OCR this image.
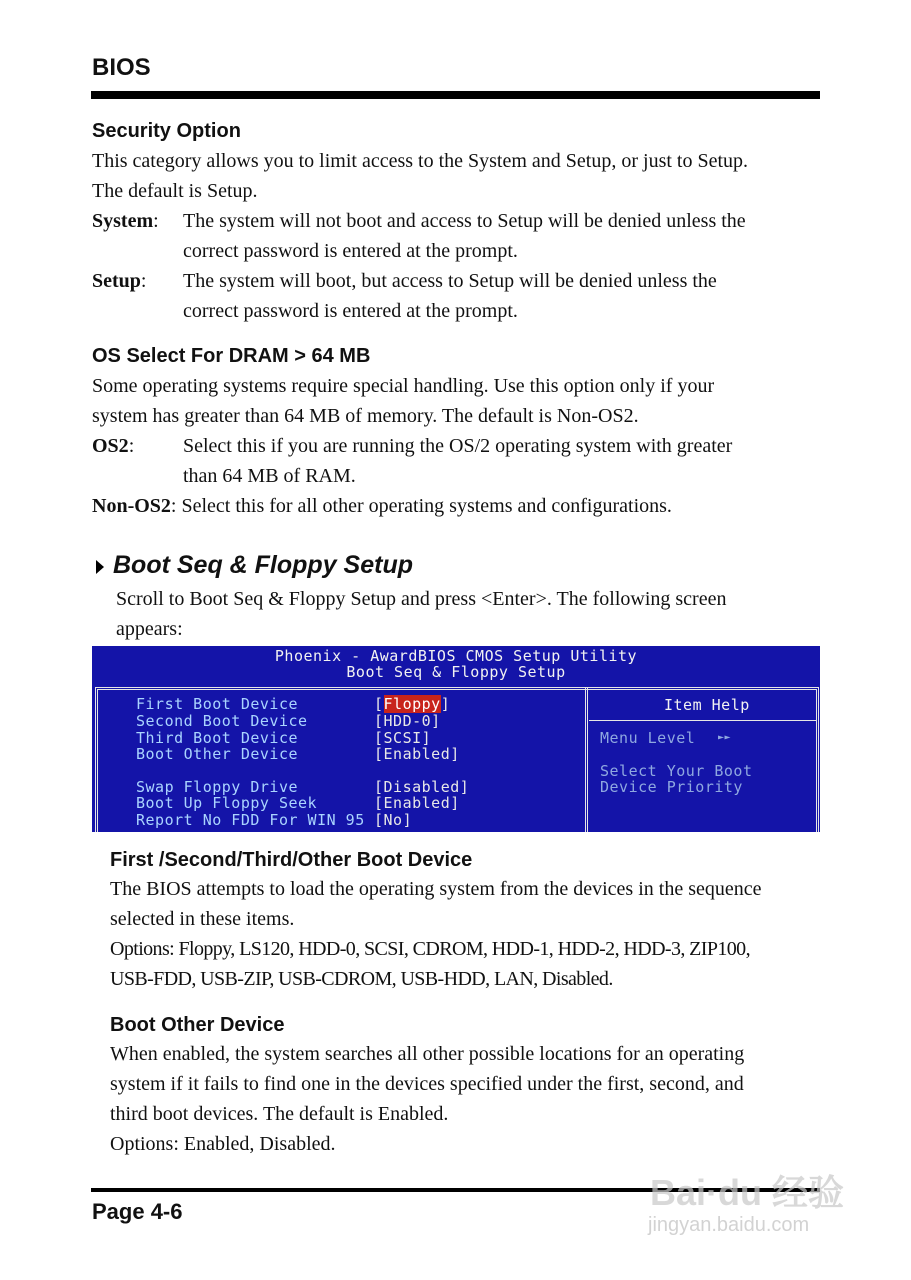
BIOS
Security Option
This category allows you to limit access to the System and Setup, or just to Setup.
The default is Setup.
System: The system will not boot and access to Setup will be denied unless the
correct password is entered at the prompt.
Setup: The system will boot, but access to Setup will be denied unless the
correct password is entered at the prompt.
OS Select For DRAM > 64 MB
Some operating systems require special handling. Use this option only if your
system has greater than 64 MB of memory. The default is Non-OS2.
OS2: Select this if you are running the OS/2 operating system with greater
than 64 MB of RAM.
Non-OS2: Select this for all other operating systems and configurations.
Boot Seq & Floppy Setup
Scroll to Boot Seq & Floppy Setup and press <Enter>. The following screen
appears:
Phoenix - AwardBIOS CMOS Setup Utility
Boot Seq & Floppy Setup
First Boot Device	[Floppy]
Second Boot Device	[HDD-0]
Third Boot Device	[SCSI]
Boot Other Device	[Enabled]
Swap Floppy Drive	[Disabled]
Boot Up Floppy Seek	[Enabled]
Report No FDD For WIN 95 [No]
Item Help
Menu Level ►►
Select Your Boot
Device Priority
First /Second/Third/Other Boot Device
The BIOS attempts to load the operating system from the devices in the sequence
selected in these items.
Options: Floppy, LS120, HDD-0, SCSI, CDROM, HDD-1, HDD-2, HDD-3, ZIP100,
USB-FDD, USB-ZIP, USB-CDROM, USB-HDD, LAN, Disabled.
Boot Other Device
When enabled, the system searches all other possible locations for an operating
system if it fails to find one in the devices specified under the first, second, and
third boot devices. The default is Enabled.
Options: Enabled, Disabled.
Page 4-6	Bai·du 经验
jingyan.baidu.com
